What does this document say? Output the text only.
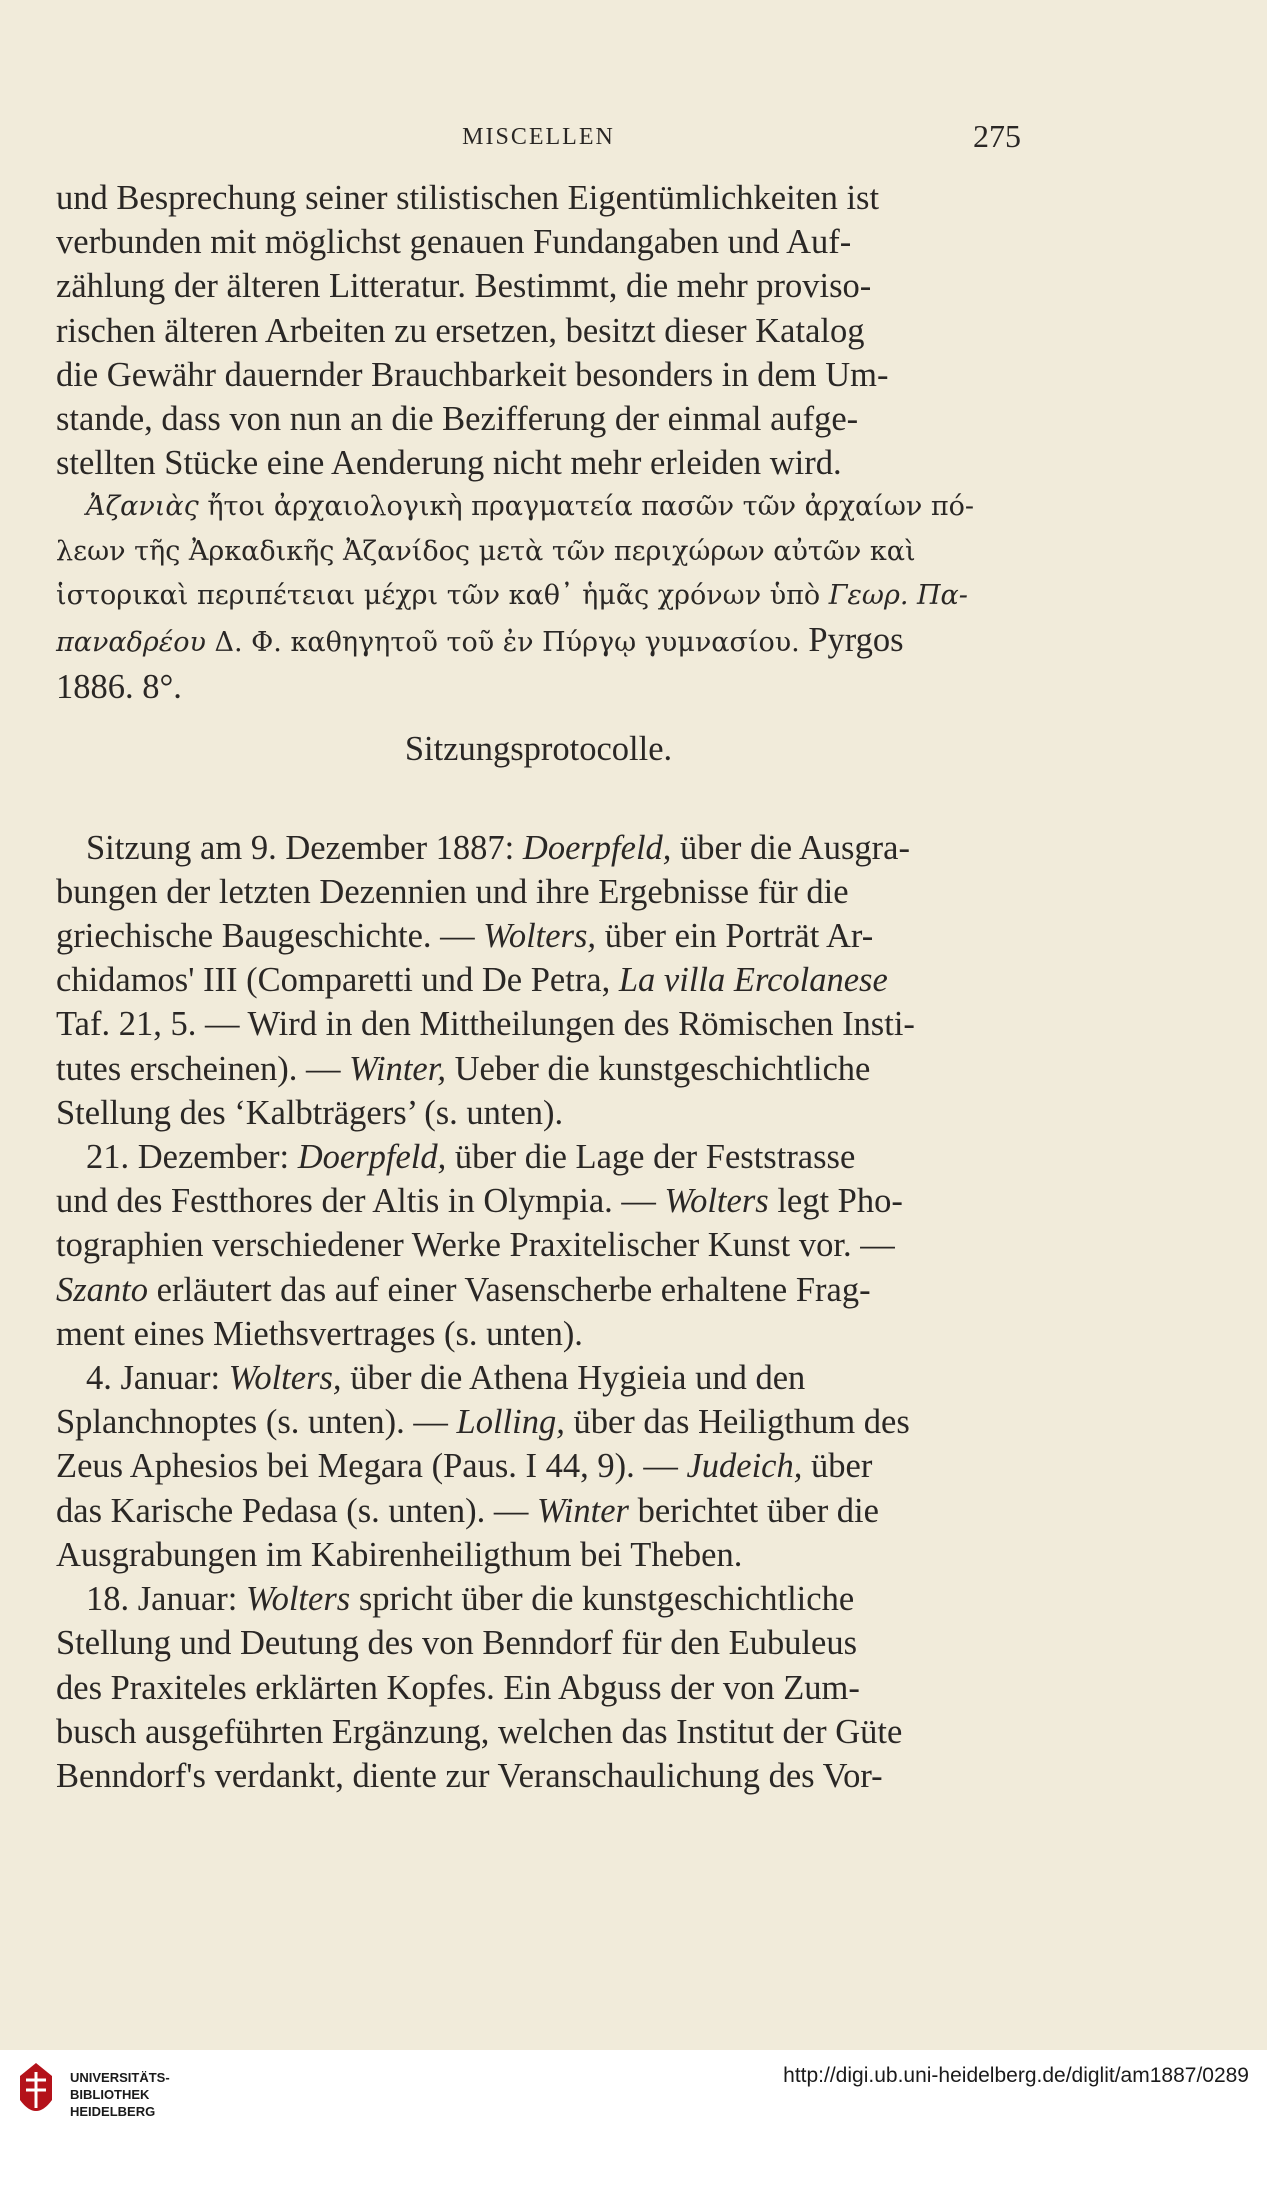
MISCELLEN	275

und Besprechung seiner stilistischen Eigentümlichkeiten ist
verbunden mit möglichst genauen Fundangaben und Auf-
zählung der älteren Litteratur. Bestimmt, die mehr proviso-
rischen älteren Arbeiten zu ersetzen, besitzt dieser Katalog
die Gewähr dauernder Brauchbarkeit besonders in dem Um-
stande, dass von nun an die Bezifferung der einmal aufge-
stellten Stücke eine Aenderung nicht mehr erleiden wird.

Ἀζανιὰς ἤτοι ἀρχαιολογικὴ πραγματεία πασῶν τῶν ἀρχαίων πό-
λεων τῆς Ἀρκαδικῆς Ἀζανίδος μετὰ τῶν περιχώρων αὐτῶν καὶ
ἱστορικαὶ περιπέτειαι μέχρι τῶν καθ᾽ ἡμᾶς χρόνων ὑπὸ Γεωρ. Πα-
παναδρέου Δ. Φ. καθηγητοῦ τοῦ ἐν Πύργῳ γυμνασίου. Pyrgos
1886. 8°.

Sitzungsprotocolle.

Sitzung am 9. Dezember 1887: Doerpfeld, über die Ausgra-
bungen der letzten Dezennien und ihre Ergebnisse für die
griechische Baugeschichte. — Wolters, über ein Porträt Ar-
chidamos' III (Comparetti und De Petra, La villa Ercolanese
Taf. 21, 5. — Wird in den Mittheilungen des Römischen Insti-
tutes erscheinen). — Winter, Ueber die kunstgeschichtliche
Stellung des ‘Kalbträgers’ (s. unten).

21. Dezember: Doerpfeld, über die Lage der Feststrasse
und des Festthores der Altis in Olympia. — Wolters legt Pho-
tographien verschiedener Werke Praxitelischer Kunst vor. —
Szanto erläutert das auf einer Vasenscherbe erhaltene Frag-
ment eines Miethsvertrages (s. unten).

4. Januar: Wolters, über die Athena Hygieia und den
Splanchnoptes (s. unten). — Lolling, über das Heiligthum des
Zeus Aphesios bei Megara (Paus. I 44, 9). — Judeich, über
das Karische Pedasa (s. unten). — Winter berichtet über die
Ausgrabungen im Kabirenheiligthum bei Theben.

18. Januar: Wolters spricht über die kunstgeschichtliche
Stellung und Deutung des von Benndorf für den Eubuleus
des Praxiteles erklärten Kopfes. Ein Abguss der von Zum-
busch ausgeführten Ergänzung, welchen das Institut der Güte
Benndorf's verdankt, diente zur Veranschaulichung des Vor-

UNIVERSITÄTS-
BIBLIOTHEK
HEIDELBERG
http://digi.ub.uni-heidelberg.de/diglit/am1887/0289
